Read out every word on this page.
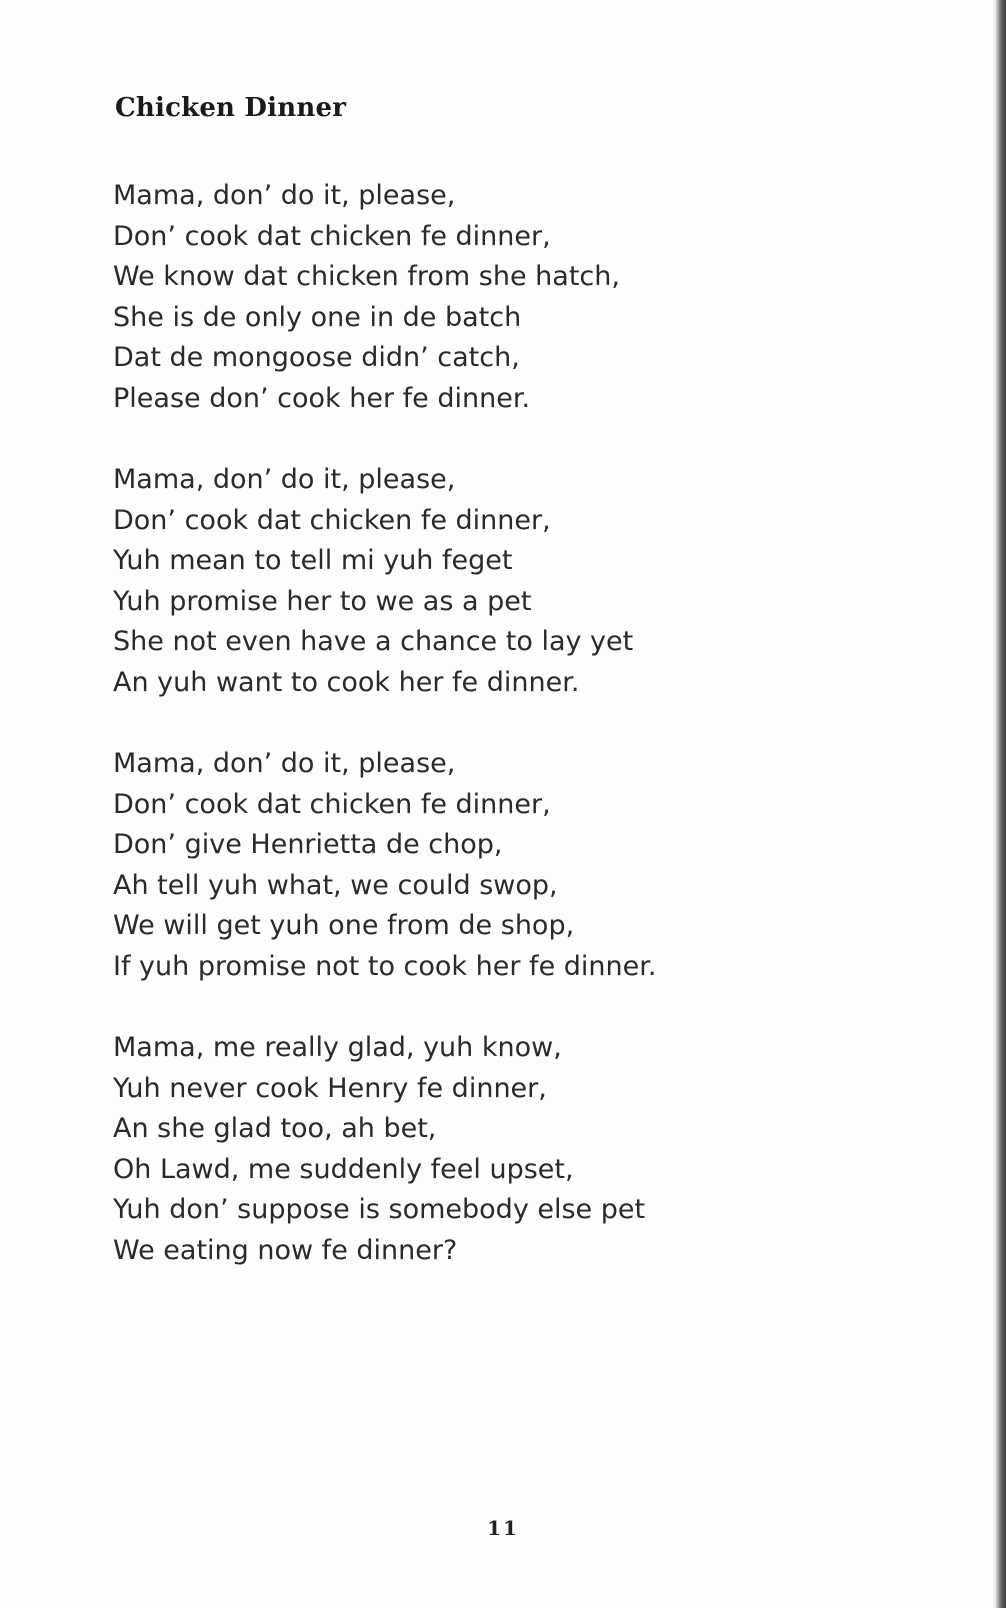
Chicken Dinner
Mama, don’ do it, please,
Don’ cook dat chicken fe dinner,
We know dat chicken from she hatch,
She is de only one in de batch
Dat de mongoose didn’ catch,
Please don’ cook her fe dinner.
Mama, don’ do it, please,
Don’ cook dat chicken fe dinner,
Yuh mean to tell mi yuh feget
Yuh promise her to we as a pet
She not even have a chance to lay yet
An yuh want to cook her fe dinner.
Mama, don’ do it, please,
Don’ cook dat chicken fe dinner,
Don’ give Henrietta de chop,
Ah tell yuh what, we could swop,
We will get yuh one from de shop,
If yuh promise not to cook her fe dinner.
Mama, me really glad, yuh know,
Yuh never cook Henry fe dinner,
An she glad too, ah bet,
Oh Lawd, me suddenly feel upset,
Yuh don’ suppose is somebody else pet
We eating now fe dinner?
11
